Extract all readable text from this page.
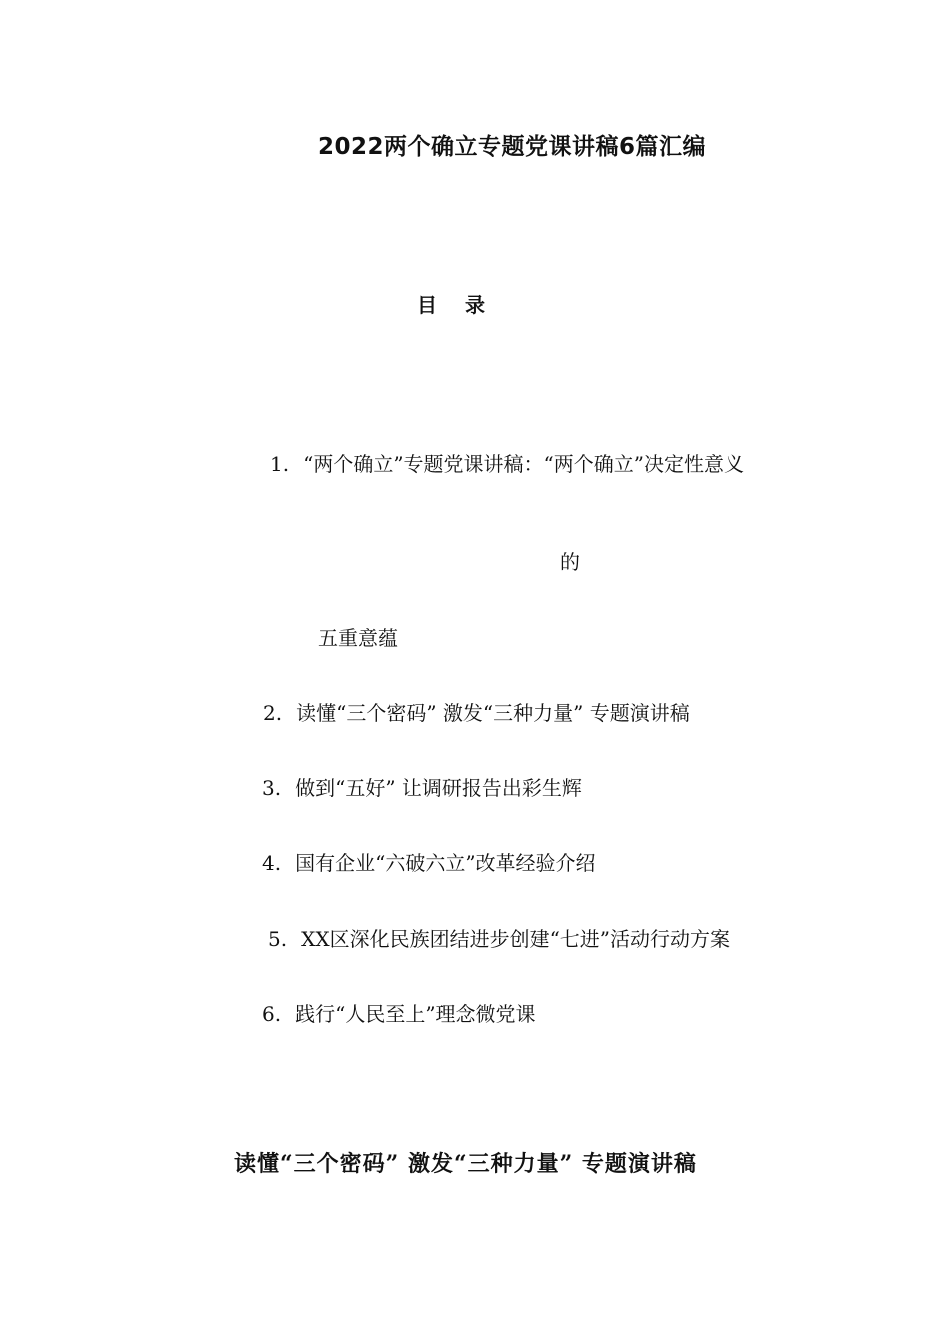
2022两个确立专题党课讲稿6篇汇编
目录
1. “两个确立”专题党课讲稿：“两个确立”决定性意义
的
五重意蕴
2. 读懂“三个密码” 激发“三种力量” 专题演讲稿
3. 做到“五好” 让调研报告出彩生辉
4. 国有企业“六破六立”改革经验介绍
5. XX区深化民族团结进步创建“七进”活动行动方案
6. 践行“人民至上”理念微党课
读懂“三个密码” 激发“三种力量” 专题演讲稿
